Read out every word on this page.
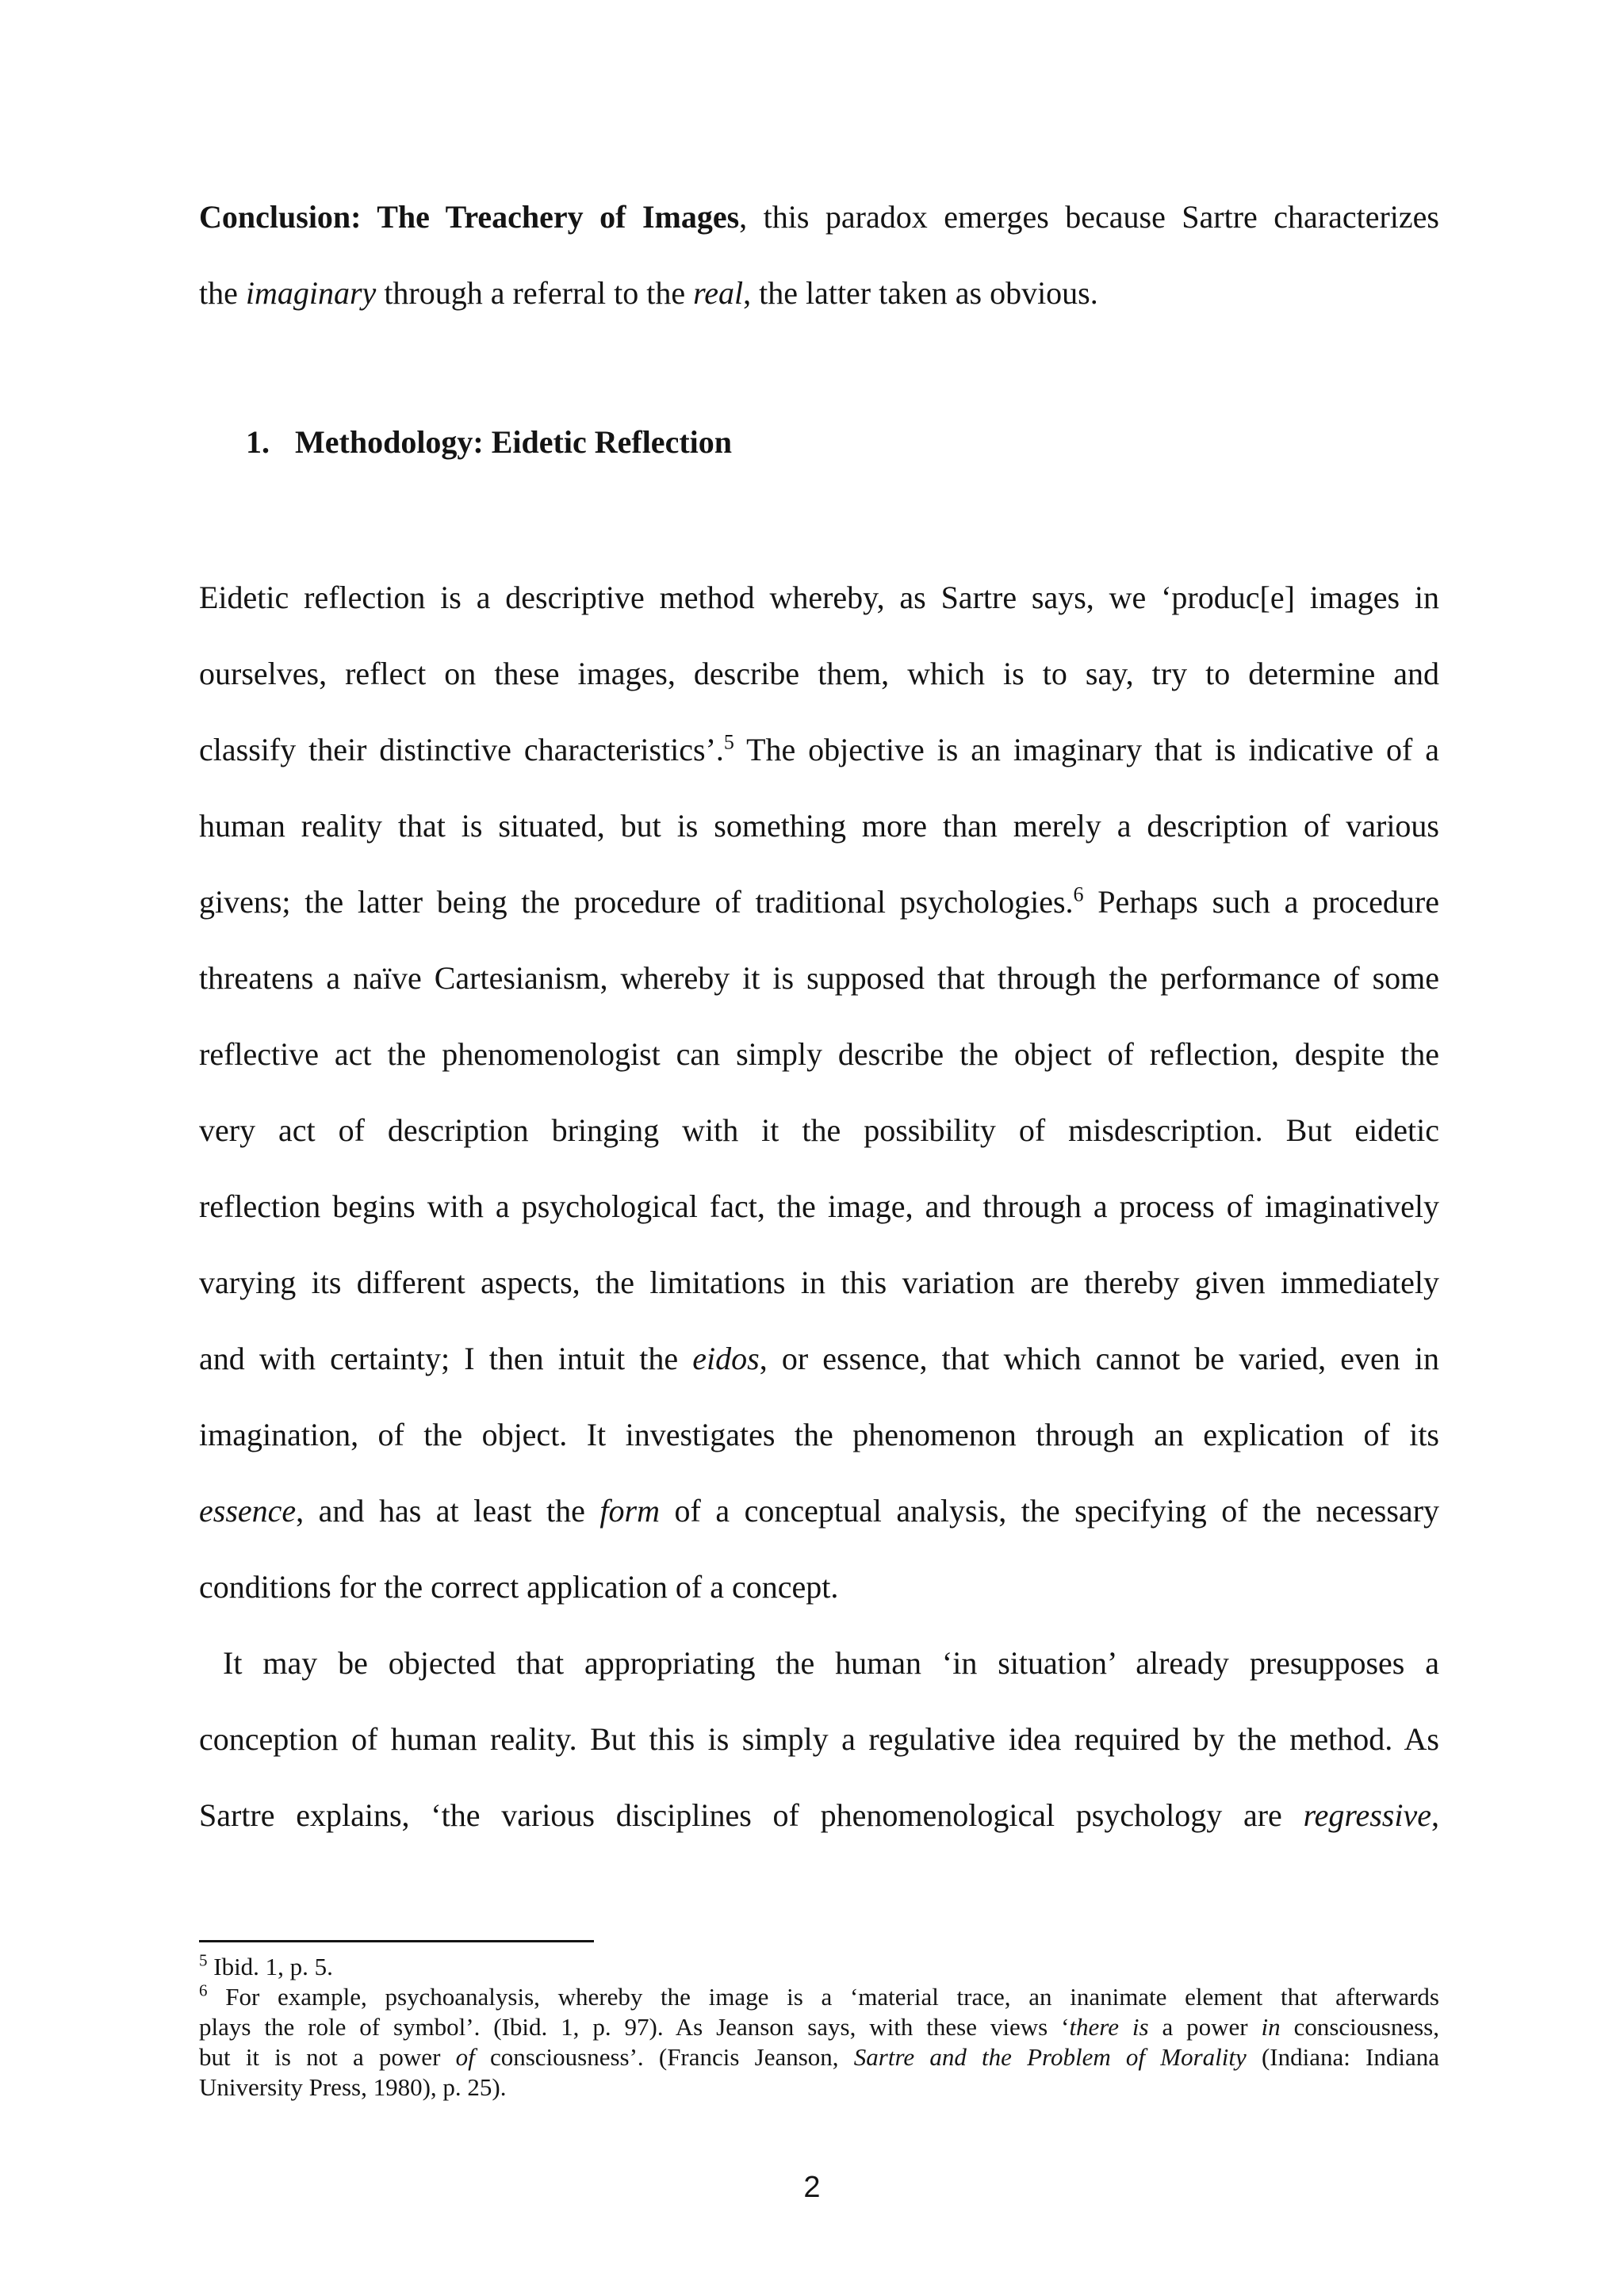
Conclusion: The Treachery of Images, this paradox emerges because Sartre characterizes
the imaginary through a referral to the real, the latter taken as obvious.
1. Methodology: Eidetic Reflection
Eidetic reflection is a descriptive method whereby, as Sartre says, we ‘produc[e] images in
ourselves, reflect on these images, describe them, which is to say, try to determine and
classify their distinctive characteristics’.$^5$ The objective is an imaginary that is indicative of a
human reality that is situated, but is something more than merely a description of various
givens; the latter being the procedure of traditional psychologies.$^6$ Perhaps such a procedure
threatens a naïve Cartesianism, whereby it is supposed that through the performance of some
reflective act the phenomenologist can simply describe the object of reflection, despite the
very act of description bringing with it the possibility of misdescription. But eidetic
reflection begins with a psychological fact, the image, and through a process of imaginatively
varying its different aspects, the limitations in this variation are thereby given immediately
and with certainty; I then intuit the eidos, or essence, that which cannot be varied, even in
imagination, of the object. It investigates the phenomenon through an explication of its
essence, and has at least the form of a conceptual analysis, the specifying of the necessary
conditions for the correct application of a concept.
It may be objected that appropriating the human ‘in situation’ already presupposes a
conception of human reality. But this is simply a regulative idea required by the method. As
Sartre explains, ‘the various disciplines of phenomenological psychology are regressive,
$^5$ Ibid. 1, p. 5.
$^6$ For example, psychoanalysis, whereby the image is a ‘material trace, an inanimate element that afterwards
plays the role of symbol’. (Ibid. 1, p. 97). As Jeanson says, with these views ‘there is a power in consciousness,
but it is not a power of consciousness’. (Francis Jeanson, Sartre and the Problem of Morality (Indiana: Indiana
University Press, 1980), p. 25).
2
